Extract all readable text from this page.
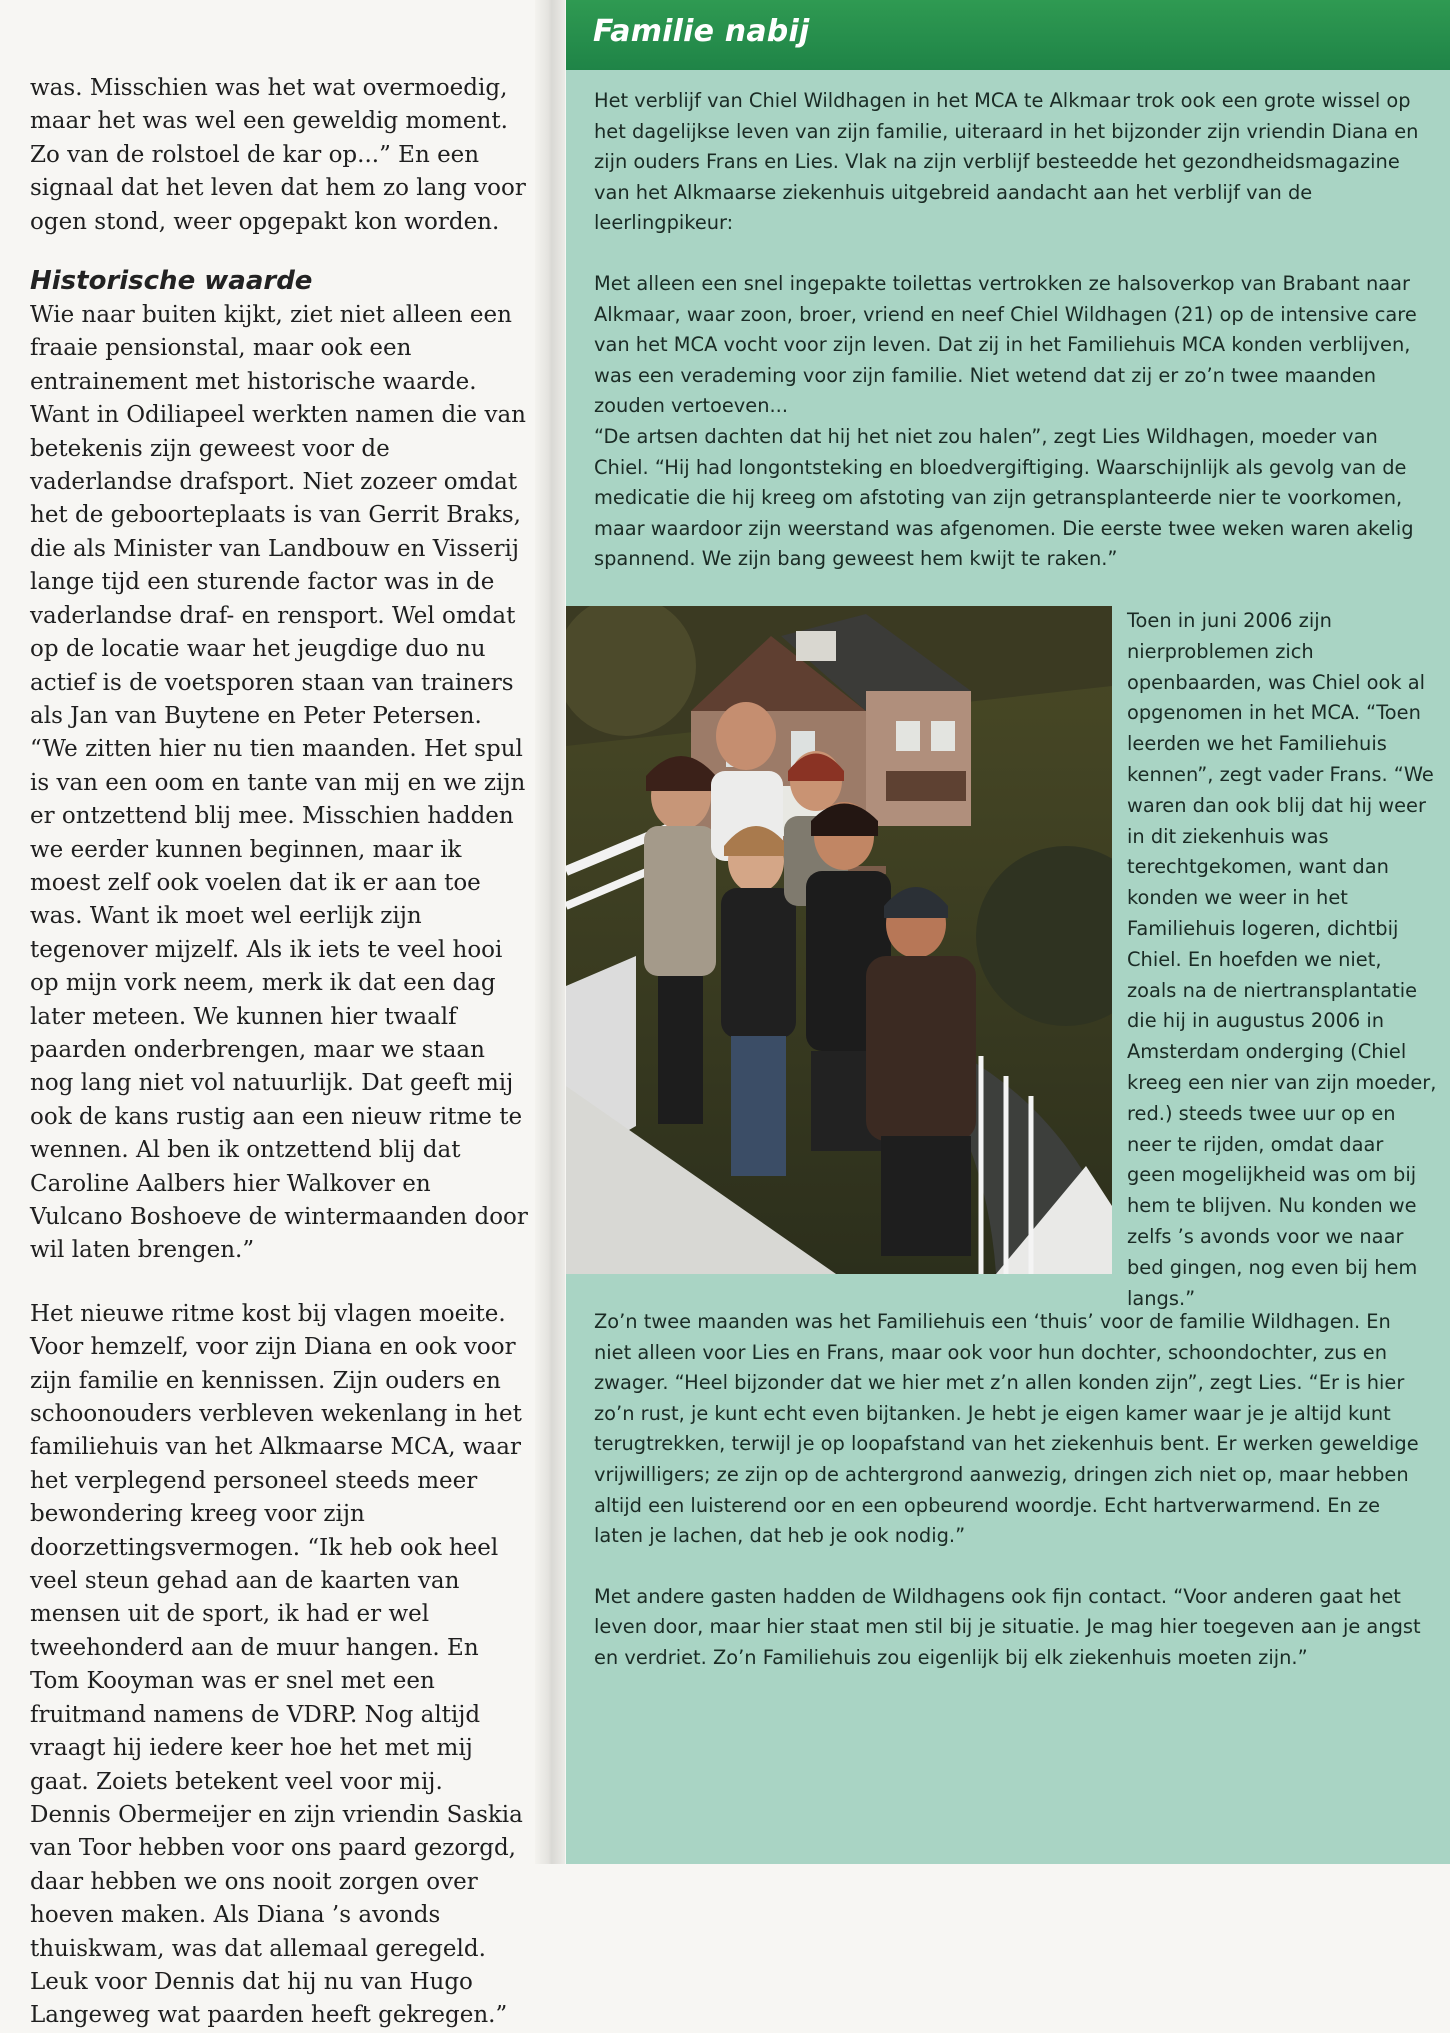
was. Misschien was het wat overmoedig, maar het was wel een geweldig moment. Zo van de rolstoel de kar op...” En een signaal dat het leven dat hem zo lang voor ogen stond, weer opgepakt kon worden.

Historische waarde

Wie naar buiten kijkt, ziet niet alleen een fraaie pensionstal, maar ook een entrainement met historische waarde. Want in Odiliapeel werkten namen die van betekenis zijn geweest voor de vaderlandse drafsport. Niet zozeer omdat het de geboorteplaats is van Gerrit Braks, die als Minister van Landbouw en Visserij lange tijd een sturende factor was in de vaderlandse draf- en rensport. Wel omdat op de locatie waar het jeugdige duo nu actief is de voetsporen staan van trainers als Jan van Buytene en Peter Petersen. “We zitten hier nu tien maanden. Het spul is van een oom en tante van mij en we zijn er ontzettend blij mee. Misschien hadden we eerder kunnen beginnen, maar ik moest zelf ook voelen dat ik er aan toe was. Want ik moet wel eerlijk zijn tegenover mijzelf. Als ik iets te veel hooi op mijn vork neem, merk ik dat een dag later meteen. We kunnen hier twaalf paarden onderbrengen, maar we staan nog lang niet vol natuurlijk. Dat geeft mij ook de kans rustig aan een nieuw ritme te wennen. Al ben ik ontzettend blij dat Caroline Aalbers hier Walkover en Vulcano Boshoeve de wintermaanden door wil laten brengen.”

Het nieuwe ritme kost bij vlagen moeite. Voor hemzelf, voor zijn Diana en ook voor zijn familie en kennissen. Zijn ouders en schoonouders verbleven wekenlang in het familiehuis van het Alkmaarse MCA, waar het verplegend personeel steeds meer bewondering kreeg voor zijn doorzettingsvermogen. “Ik heb ook heel veel steun gehad aan de kaarten van mensen uit de sport, ik had er wel tweehonderd aan de muur hangen. En Tom Kooyman was er snel met een fruitmand namens de VDRP. Nog altijd vraagt hij iedere keer hoe het met mij gaat. Zoiets betekent veel voor mij. Dennis Obermeijer en zijn vriendin Saskia van Toor hebben voor ons paard gezorgd, daar hebben we ons nooit zorgen over hoeven maken. Als Diana ’s avonds thuiskwam, was dat allemaal geregeld. Leuk voor Dennis dat hij nu van Hugo Langeweg wat paarden heeft gekregen.”

Familie nabij

Het verblijf van Chiel Wildhagen in het MCA te Alkmaar trok ook een grote wissel op het dagelijkse leven van zijn familie, uiteraard in het bijzonder zijn vriendin Diana en zijn ouders Frans en Lies. Vlak na zijn verblijf besteedde het gezondheidsmagazine van het Alkmaarse ziekenhuis uitgebreid aandacht aan het verblijf van de leerlingpikeur:

Met alleen een snel ingepakte toilettas vertrokken ze halsoverkop van Brabant naar Alkmaar, waar zoon, broer, vriend en neef Chiel Wildhagen (21) op de intensive care van het MCA vocht voor zijn leven. Dat zij in het Familiehuis MCA konden verblijven, was een verademing voor zijn familie. Niet wetend dat zij er zo’n twee maanden zouden vertoeven...

“De artsen dachten dat hij het niet zou halen”, zegt Lies Wildhagen, moeder van Chiel. “Hij had longontsteking en bloedvergiftiging. Waarschijnlijk als gevolg van de medicatie die hij kreeg om afstoting van zijn getransplanteerde nier te voorkomen, maar waardoor zijn weerstand was afgenomen. Die eerste twee weken waren akelig spannend. We zijn bang geweest hem kwijt te raken.”

Toen in juni 2006 zijn nierproblemen zich openbaarden, was Chiel ook al opgenomen in het MCA. “Toen leerden we het Familiehuis kennen”, zegt vader Frans. “We waren dan ook blij dat hij weer in dit ziekenhuis was terechtgekomen, want dan konden we weer in het Familiehuis logeren, dichtbij Chiel. En hoefden we niet, zoals na de niertransplantatie die hij in augustus 2006 in Amsterdam onderging (Chiel kreeg een nier van zijn moeder, red.) steeds twee uur op en neer te rijden, omdat daar geen mogelijkheid was om bij hem te blijven. Nu konden we zelfs ’s avonds voor we naar bed gingen, nog even bij hem langs.”

Zo’n twee maanden was het Familiehuis een ‘thuis’ voor de familie Wildhagen. En niet alleen voor Lies en Frans, maar ook voor hun dochter, schoondochter, zus en zwager. “Heel bijzonder dat we hier met z’n allen konden zijn”, zegt Lies. “Er is hier zo’n rust, je kunt echt even bijtanken. Je hebt je eigen kamer waar je je altijd kunt terugtrekken, terwijl je op loopafstand van het ziekenhuis bent. Er werken geweldige vrijwilligers; ze zijn op de achtergrond aanwezig, dringen zich niet op, maar hebben altijd een luisterend oor en een opbeurend woordje. Echt hartverwarmend. En ze laten je lachen, dat heb je ook nodig.”

Met andere gasten hadden de Wildhagens ook fijn contact. “Voor anderen gaat het leven door, maar hier staat men stil bij je situatie. Je mag hier toegeven aan je angst en verdriet. Zo’n Familiehuis zou eigenlijk bij elk ziekenhuis moeten zijn.”
